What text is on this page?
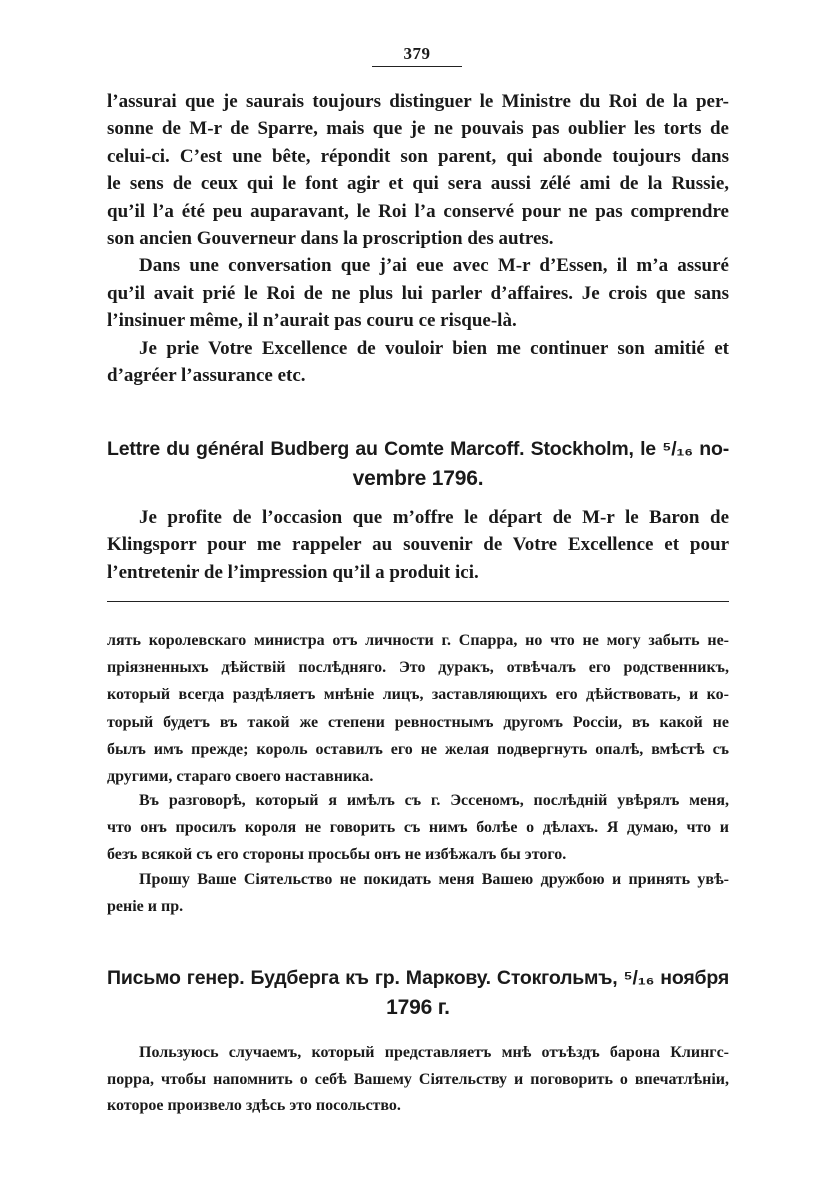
379
l’assurai que je saurais toujours distinguer le Ministre du Roi de la per-
sonne de M-r de Sparre, mais que je ne pouvais pas oublier les torts de
celui-ci. C’est une bête, répondit son parent, qui abonde toujours dans
le sens de ceux qui le font agir et qui sera aussi zélé ami de la Russie,
qu’il l’a été peu auparavant, le Roi l’a conservé pour ne pas comprendre
son ancien Gouverneur dans la proscription des autres.
Dans une conversation que j’ai eue avec M-r d’Essen, il m’a assuré
qu’il avait prié le Roi de ne plus lui parler d’affaires. Je crois que sans
l’insinuer même, il n’aurait pas couru ce risque-là.
Je prie Votre Excellence de vouloir bien me continuer son amitié et
d’agréer l’assurance etc.
Lettre du général Budberg au Comte Marcoff. Stockholm, le ⁵/₁₆ no-
vembre 1796.
Je profite de l’occasion que m’offre le départ de M-r le Baron de
Klingsporr pour me rappeler au souvenir de Votre Excellence et pour
l’entretenir de l’impression qu’il a produit ici.
лять королевскаго министра отъ личности г. Спарра, но что не могу забыть не-
пріязненныхъ дѣйствій послѣдняго. Это дуракъ, отвѣчалъ его родственникъ,
который всегда раздѣляетъ мнѣніе лицъ, заставляющихъ его дѣйствовать, и ко-
торый будетъ въ такой же степени ревностнымъ другомъ Россіи, въ какой не
былъ имъ прежде; король оставилъ его не желая подвергнуть опалѣ, вмѣстѣ съ
другими, стараго своего наставника.
Въ разговорѣ, который я имѣлъ съ г. Эссеномъ, послѣдній увѣрялъ меня,
что онъ просилъ короля не говорить съ нимъ болѣе о дѣлахъ. Я думаю, что и
безъ всякой съ его стороны просьбы онъ не избѣжалъ бы этого.
Прошу Ваше Сіятельство не покидать меня Вашею дружбою и принять увѣ-
реніе и пр.
Письмо генер. Будберга къ гр. Маркову. Стокгольмъ, ⁵/₁₆ ноября
1796 г.
Пользуюсь случаемъ, который представляетъ мнѣ отъѣздъ барона Клингс-
порра, чтобы напомнить о себѣ Вашему Сіятельству и поговорить о впечатлѣніи,
которое произвело здѣсь это посольство.
